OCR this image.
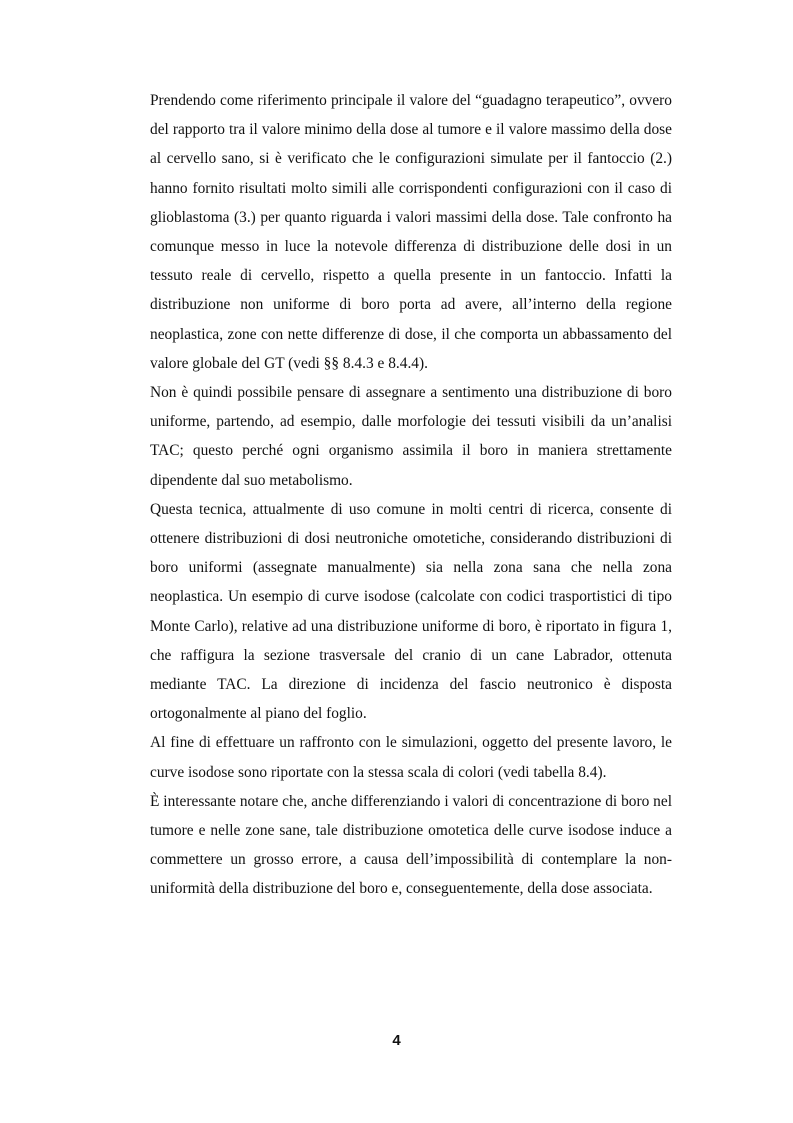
Prendendo come riferimento principale il valore del “guadagno terapeutico”, ovvero del rapporto tra il valore minimo della dose al tumore e il valore massimo della dose al cervello sano, si è verificato che le configurazioni simulate per il fantoccio (2.) hanno fornito risultati molto simili alle corrispondenti configurazioni con il caso di glioblastoma (3.) per quanto riguarda i valori massimi della dose. Tale confronto ha comunque messo in luce la notevole differenza di distribuzione delle dosi in un tessuto reale di cervello, rispetto a quella presente in un fantoccio. Infatti la distribuzione non uniforme di boro porta ad avere, all’interno della regione neoplastica, zone con nette differenze di dose, il che comporta un abbassamento del valore globale del GT (vedi §§ 8.4.3 e 8.4.4).

Non è quindi possibile pensare di assegnare a sentimento una distribuzione di boro uniforme, partendo, ad esempio, dalle morfologie dei tessuti visibili da un’analisi TAC; questo perché ogni organismo assimila il boro in maniera strettamente dipendente dal suo metabolismo.

Questa tecnica, attualmente di uso comune in molti centri di ricerca, consente di ottenere distribuzioni di dosi neutroniche omotetiche, considerando distribuzioni di boro uniformi (assegnate manualmente) sia nella zona sana che nella zona neoplastica. Un esempio di curve isodose (calcolate con codici trasportistici di tipo Monte Carlo), relative ad una distribuzione uniforme di boro, è riportato in figura 1, che raffigura la sezione trasversale del cranio di un cane Labrador, ottenuta mediante TAC. La direzione di incidenza del fascio neutronico è disposta ortogonalmente al piano del foglio.

Al fine di effettuare un raffronto con le simulazioni, oggetto del presente lavoro, le curve isodose sono riportate con la stessa scala di colori (vedi tabella 8.4).

È interessante notare che, anche differenziando i valori di concentrazione di boro nel tumore e nelle zone sane, tale distribuzione omotetica delle curve isodose induce a commettere un grosso errore, a causa dell’impossibilità di contemplare la non-uniformità della distribuzione del boro e, conseguentemente, della dose associata.

4
